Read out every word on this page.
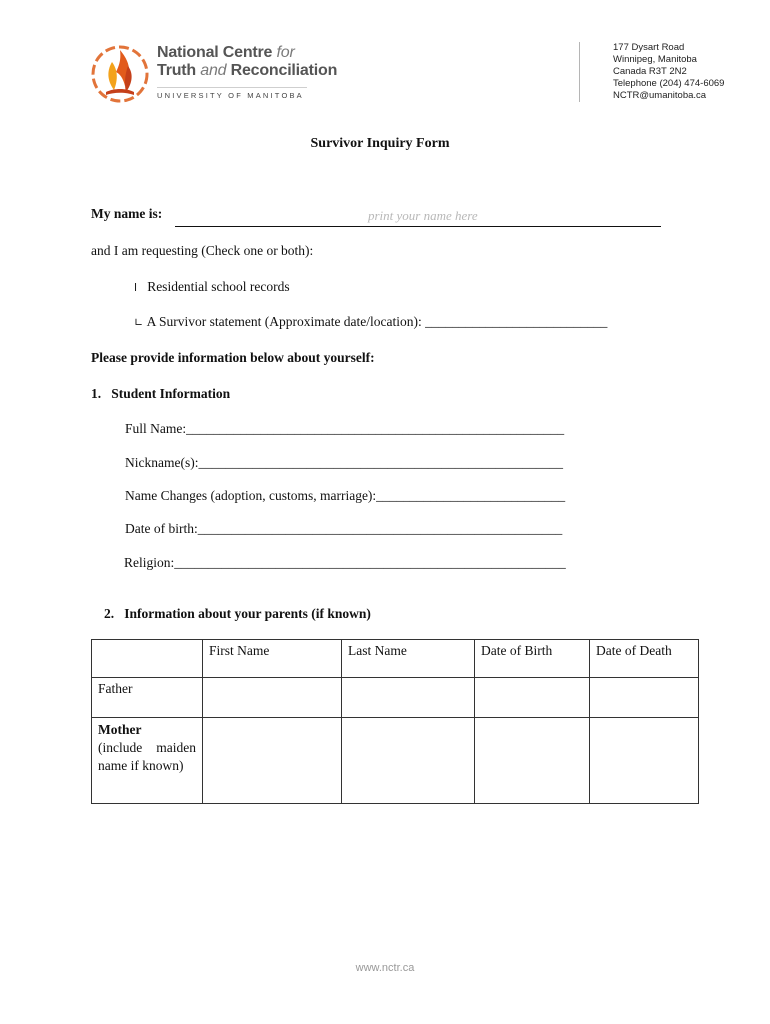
National Centre for
Truth and Reconciliation
UNIVERSITY OF MANITOBA
177 Dysart Road
Winnipeg, Manitoba
Canada R3T 2N2
Telephone (204) 474-6069
NCTR@umanitoba.ca
Survivor Inquiry Form
My name is:	print your name here
and I am requesting (Check one or both):
l Residential school records
∟ A Survivor statement (Approximate date/location): ___________________________
Please provide information below about yourself:
1.   Student Information
Full Name:________________________________________________________
Nickname(s):______________________________________________________
Name Changes (adoption, customs, marriage):____________________________
Date of birth:______________________________________________________
Religion:__________________________________________________________
2.   Information about your parents (if known)
	First Name	Last Name	Date of Birth	Date of Death
Father				

Mother
(include maiden name if known)				

www.nctr.ca
